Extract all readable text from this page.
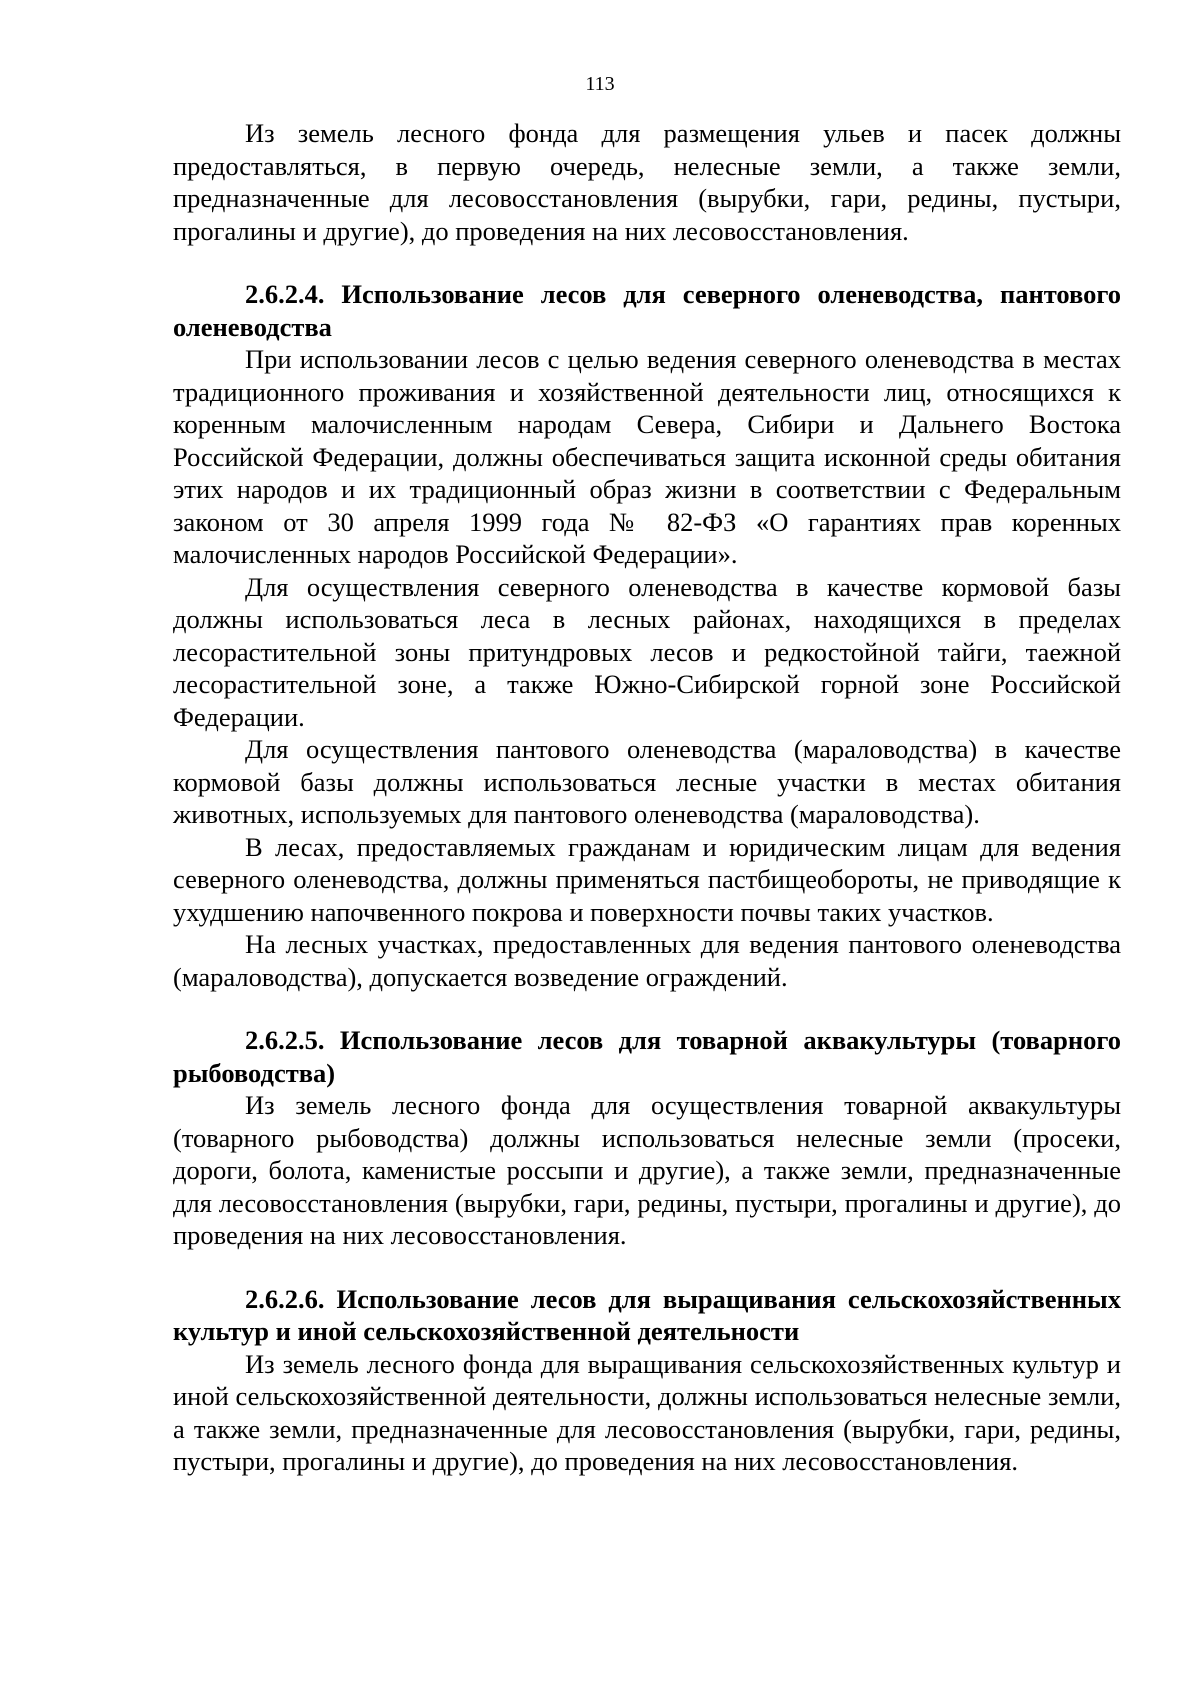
113

Из земель лесного фонда для размещения ульев и пасек должны предоставляться, в первую очередь, нелесные земли, а также земли, предназначенные для лесовосстановления (вырубки, гари, редины, пустыри, прогалины и другие), до проведения на них лесовосстановления.

2.6.2.4. Использование лесов для северного оленеводства, пантового оленеводства

При использовании лесов с целью ведения северного оленеводства в местах традиционного проживания и хозяйственной деятельности лиц, относящихся к коренным малочисленным народам Севера, Сибири и Дальнего Востока Российской Федерации, должны обеспечиваться защита исконной среды обитания этих народов и их традиционный образ жизни в соответствии с Федеральным законом от 30 апреля 1999 года № 82-ФЗ «О гарантиях прав коренных малочисленных народов Российской Федерации».

Для осуществления северного оленеводства в качестве кормовой базы должны использоваться леса в лесных районах, находящихся в пределах лесорастительной зоны притундровых лесов и редкостойной тайги, таежной лесорастительной зоне, а также Южно-Сибирской горной зоне Российской Федерации.

Для осуществления пантового оленеводства (мараловодства) в качестве кормовой базы должны использоваться лесные участки в местах обитания животных, используемых для пантового оленеводства (мараловодства).

В лесах, предоставляемых гражданам и юридическим лицам для ведения северного оленеводства, должны применяться пастбищеобороты, не приводящие к ухудшению напочвенного покрова и поверхности почвы таких участков.

На лесных участках, предоставленных для ведения пантового оленеводства (мараловодства), допускается возведение ограждений.

2.6.2.5. Использование лесов для товарной аквакультуры (товарного рыбоводства)

Из земель лесного фонда для осуществления товарной аквакультуры (товарного рыбоводства) должны использоваться нелесные земли (просеки, дороги, болота, каменистые россыпи и другие), а также земли, предназначенные для лесовосстановления (вырубки, гари, редины, пустыри, прогалины и другие), до проведения на них лесовосстановления.

2.6.2.6. Использование лесов для выращивания сельскохозяйственных культур и иной сельскохозяйственной деятельности

Из земель лесного фонда для выращивания сельскохозяйственных культур и иной сельскохозяйственной деятельности, должны использоваться нелесные земли, а также земли, предназначенные для лесовосстановления (вырубки, гари, редины, пустыри, прогалины и другие), до проведения на них лесовосстановления.
